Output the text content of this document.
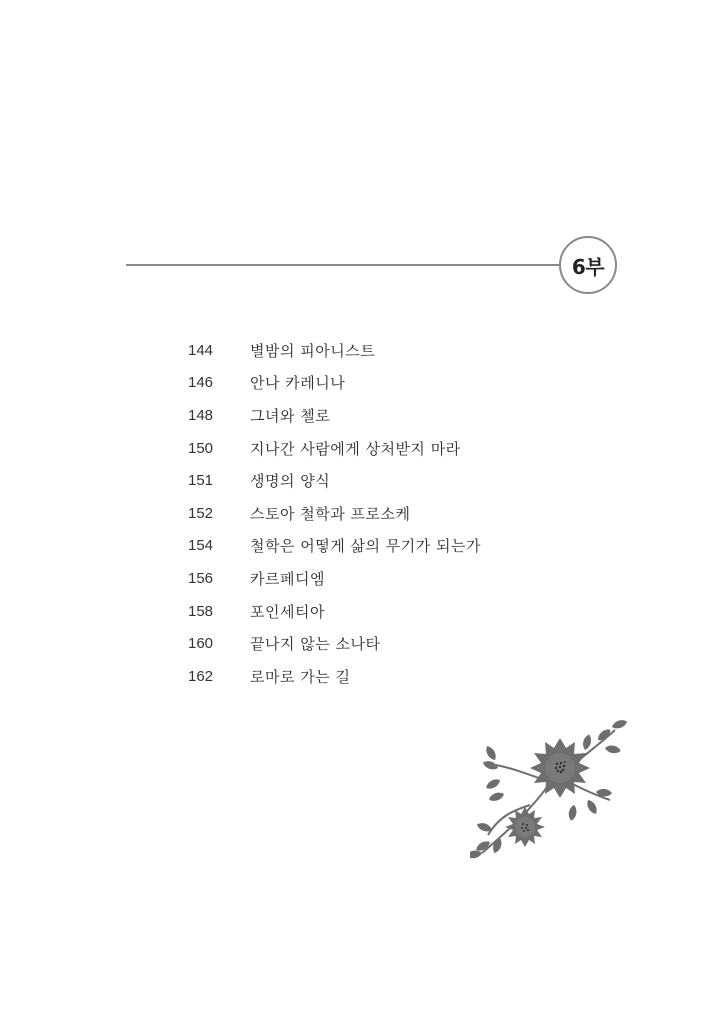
6부
144	별밤의 피아니스트
146	안나 카레니나
148	그녀와 첼로
150	지나간 사람에게 상처받지 마라
151	생명의 양식
152	스토아 철학과 프로소케
154	철학은 어떻게 삶의 무기가 되는가
156	카르페디엠
158	포인세티아
160	끝나지 않는 소나타
162	로마로 가는 길
